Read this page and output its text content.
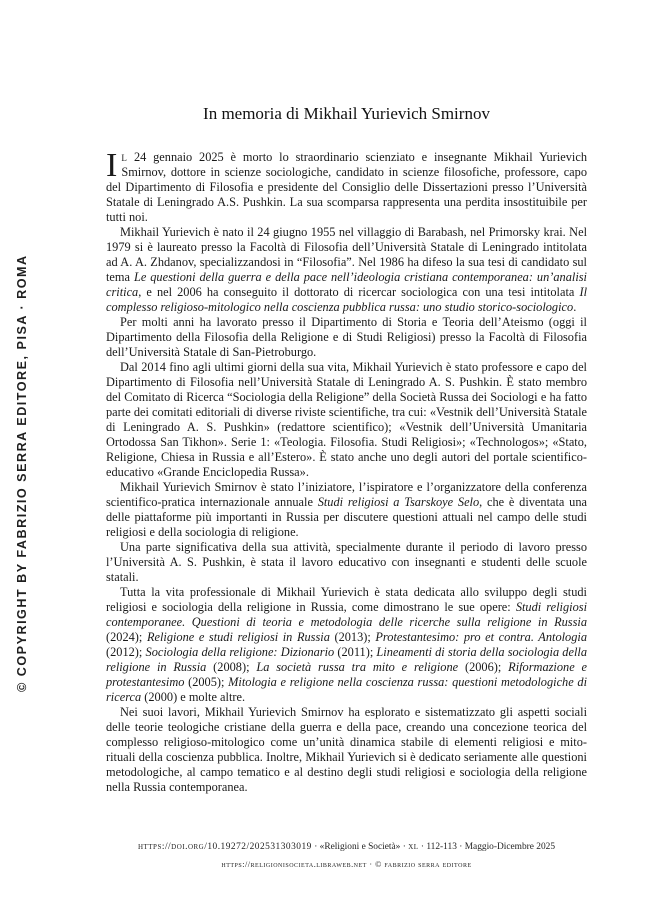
© COPYRIGHT BY FABRIZIO SERRA EDITORE, PISA · ROMA
In memoria di Mikhail Yurievich Smirnov

Il 24 gennaio 2025 è morto lo straordinario scienziato e insegnante Mikhail Yurievich Smirnov, dottore in scienze sociologiche, candidato in scienze filosofiche, professore, capo del Dipartimento di Filosofia e presidente del Consiglio delle Dissertazioni presso l’Università Statale di Leningrado A.S. Pushkin. La sua scomparsa rappresenta una perdita insostituibile per tutti noi.

Mikhail Yurievich è nato il 24 giugno 1955 nel villaggio di Barabash, nel Primorsky krai. Nel 1979 si è laureato presso la Facoltà di Filosofia dell’Università Statale di Leningrado intitolata ad A. A. Zhdanov, specializzandosi in “Filosofia”. Nel 1986 ha difeso la sua tesi di candidato sul tema Le questioni della guerra e della pace nell’ideologia cristiana contemporanea: un’analisi critica, e nel 2006 ha conseguito il dottorato di ricercar sociologica con una tesi intitolata Il complesso religioso-mitologico nella coscienza pubblica russa: uno studio storico-sociologico.

Per molti anni ha lavorato presso il Dipartimento di Storia e Teoria dell’Ateismo (oggi il Dipartimento della Filosofia della Religione e di Studi Religiosi) presso la Facoltà di Filosofia dell’Università Statale di San-Pietroburgo.

Dal 2014 fino agli ultimi giorni della sua vita, Mikhail Yurievich è stato professore e capo del Dipartimento di Filosofia nell’Università Statale di Leningrado A. S. Pushkin. È stato membro del Comitato di Ricerca “Sociologia della Religione” della Società Russa dei Sociologi e ha fatto parte dei comitati editoriali di diverse riviste scientifiche, tra cui: «Vestnik dell’Università Statale di Leningrado A. S. Pushkin» (redattore scientifico); «Vestnik dell’Università Umanitaria Ortodossa San Tikhon». Serie 1: «Teologia. Filosofia. Studi Religiosi»; «Technologos»; «Stato, Religione, Chiesa in Russia e all’Estero». È stato anche uno degli autori del portale scientifico-educativo «Grande Enciclopedia Russa».

Mikhail Yurievich Smirnov è stato l’iniziatore, l’ispiratore e l’organizzatore della conferenza scientifico-pratica internazionale annuale Studi religiosi a Tsarskoye Selo, che è diventata una delle piattaforme più importanti in Russia per discutere questioni attuali nel campo delle studi religiosi e della sociologia di religione.

Una parte significativa della sua attività, specialmente durante il periodo di lavoro presso l’Università A. S. Pushkin, è stata il lavoro educativo con insegnanti e studenti delle scuole statali.

Tutta la vita professionale di Mikhail Yurievich è stata dedicata allo sviluppo degli studi religiosi e sociologia della religione in Russia, come dimostrano le sue opere: Studi religiosi contemporanee. Questioni di teoria e metodologia delle ricerche sulla religione in Russia (2024); Religione e studi religiosi in Russia (2013); Protestantesimo: pro et contra. Antologia (2012); Sociologia della religione: Dizionario (2011); Lineamenti di storia della sociologia della religione in Russia (2008); La società russa tra mito e religione (2006); Riformazione e protestantesimo (2005); Mitologia e religione nella coscienza russa: questioni metodologiche di ricerca (2000) e molte altre.

Nei suoi lavori, Mikhail Yurievich Smirnov ha esplorato e sistematizzato gli aspetti sociali delle teorie teologiche cristiane della guerra e della pace, creando una concezione teorica del complesso religioso-mitologico come un’unità dinamica stabile di elementi religiosi e mito-rituali della coscienza pubblica. Inoltre, Mikhail Yurievich si è dedicato seriamente alle questioni metodologiche, al campo tematico e al destino degli studi religiosi e sociologia della religione nella Russia contemporanea.

https://doi.org/10.19272/202531303019 · «Religioni e Società» · xl · 112-113 · Maggio-Dicembre 2025
https://religionisocieta.libraweb.net · © fabrizio serra editore
